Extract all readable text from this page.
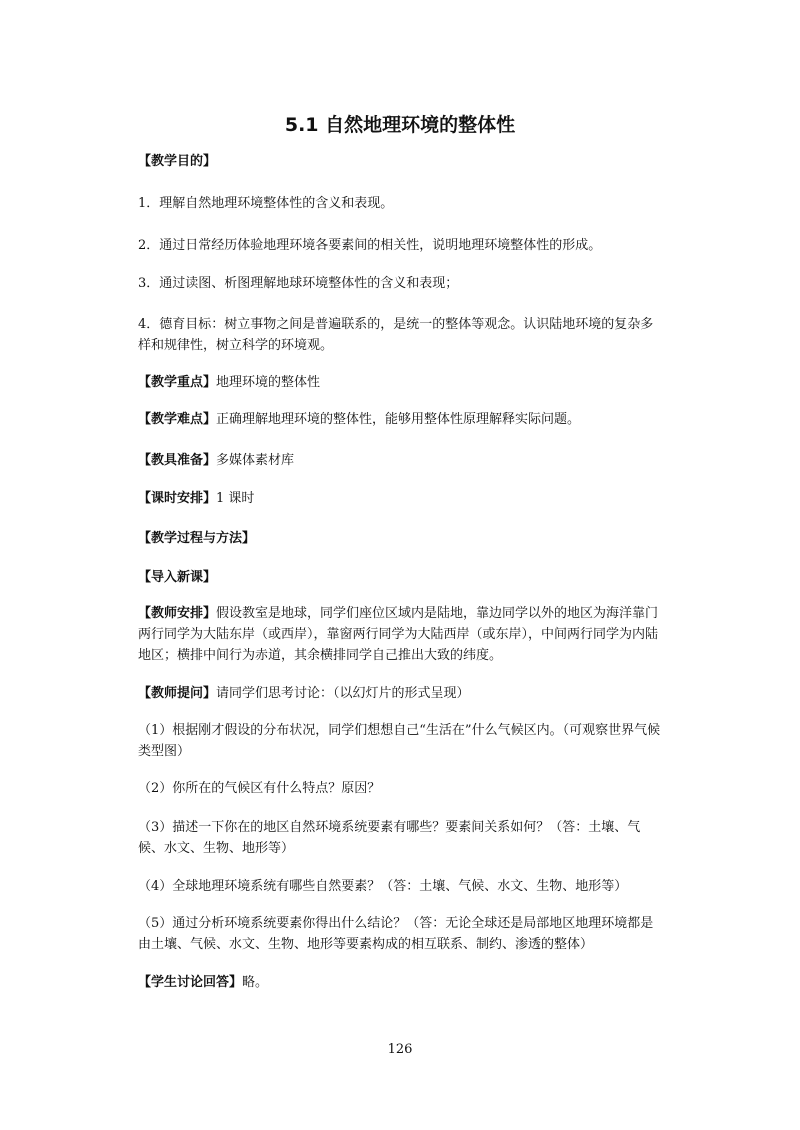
5.1 自然地理环境的整体性

【教学目的】

1．理解自然地理环境整体性的含义和表现。

2．通过日常经历体验地理环境各要素间的相关性，说明地理环境整体性的形成。

3．通过读图、析图理解地球环境整体性的含义和表现；

4．德育目标：树立事物之间是普遍联系的，是统一的整体等观念。认识陆地环境的复杂多样和规律性，树立科学的环境观。

【教学重点】地理环境的整体性

【教学难点】正确理解地理环境的整体性，能够用整体性原理解释实际问题。

【教具准备】多媒体素材库

【课时安排】1 课时

【教学过程与方法】

【导入新课】

【教师安排】假设教室是地球，同学们座位区域内是陆地，靠边同学以外的地区为海洋靠门两行同学为大陆东岸（或西岸），靠窗两行同学为大陆西岸（或东岸），中间两行同学为内陆地区；横排中间行为赤道，其余横排同学自己推出大致的纬度。

【教师提问】请同学们思考讨论：（以幻灯片的形式呈现）

（1）根据刚才假设的分布状况，同学们想想自己“生活在”什么气候区内。（可观察世界气候类型图）

（2）你所在的气候区有什么特点？原因？

（3）描述一下你在的地区自然环境系统要素有哪些？要素间关系如何？（答：土壤、气候、水文、生物、地形等）

（4）全球地理环境系统有哪些自然要素？（答：土壤、气候、水文、生物、地形等）

（5）通过分析环境系统要素你得出什么结论？（答：无论全球还是局部地区地理环境都是由土壤、气候、水文、生物、地形等要素构成的相互联系、制约、渗透的整体）

【学生讨论回答】略。

126
